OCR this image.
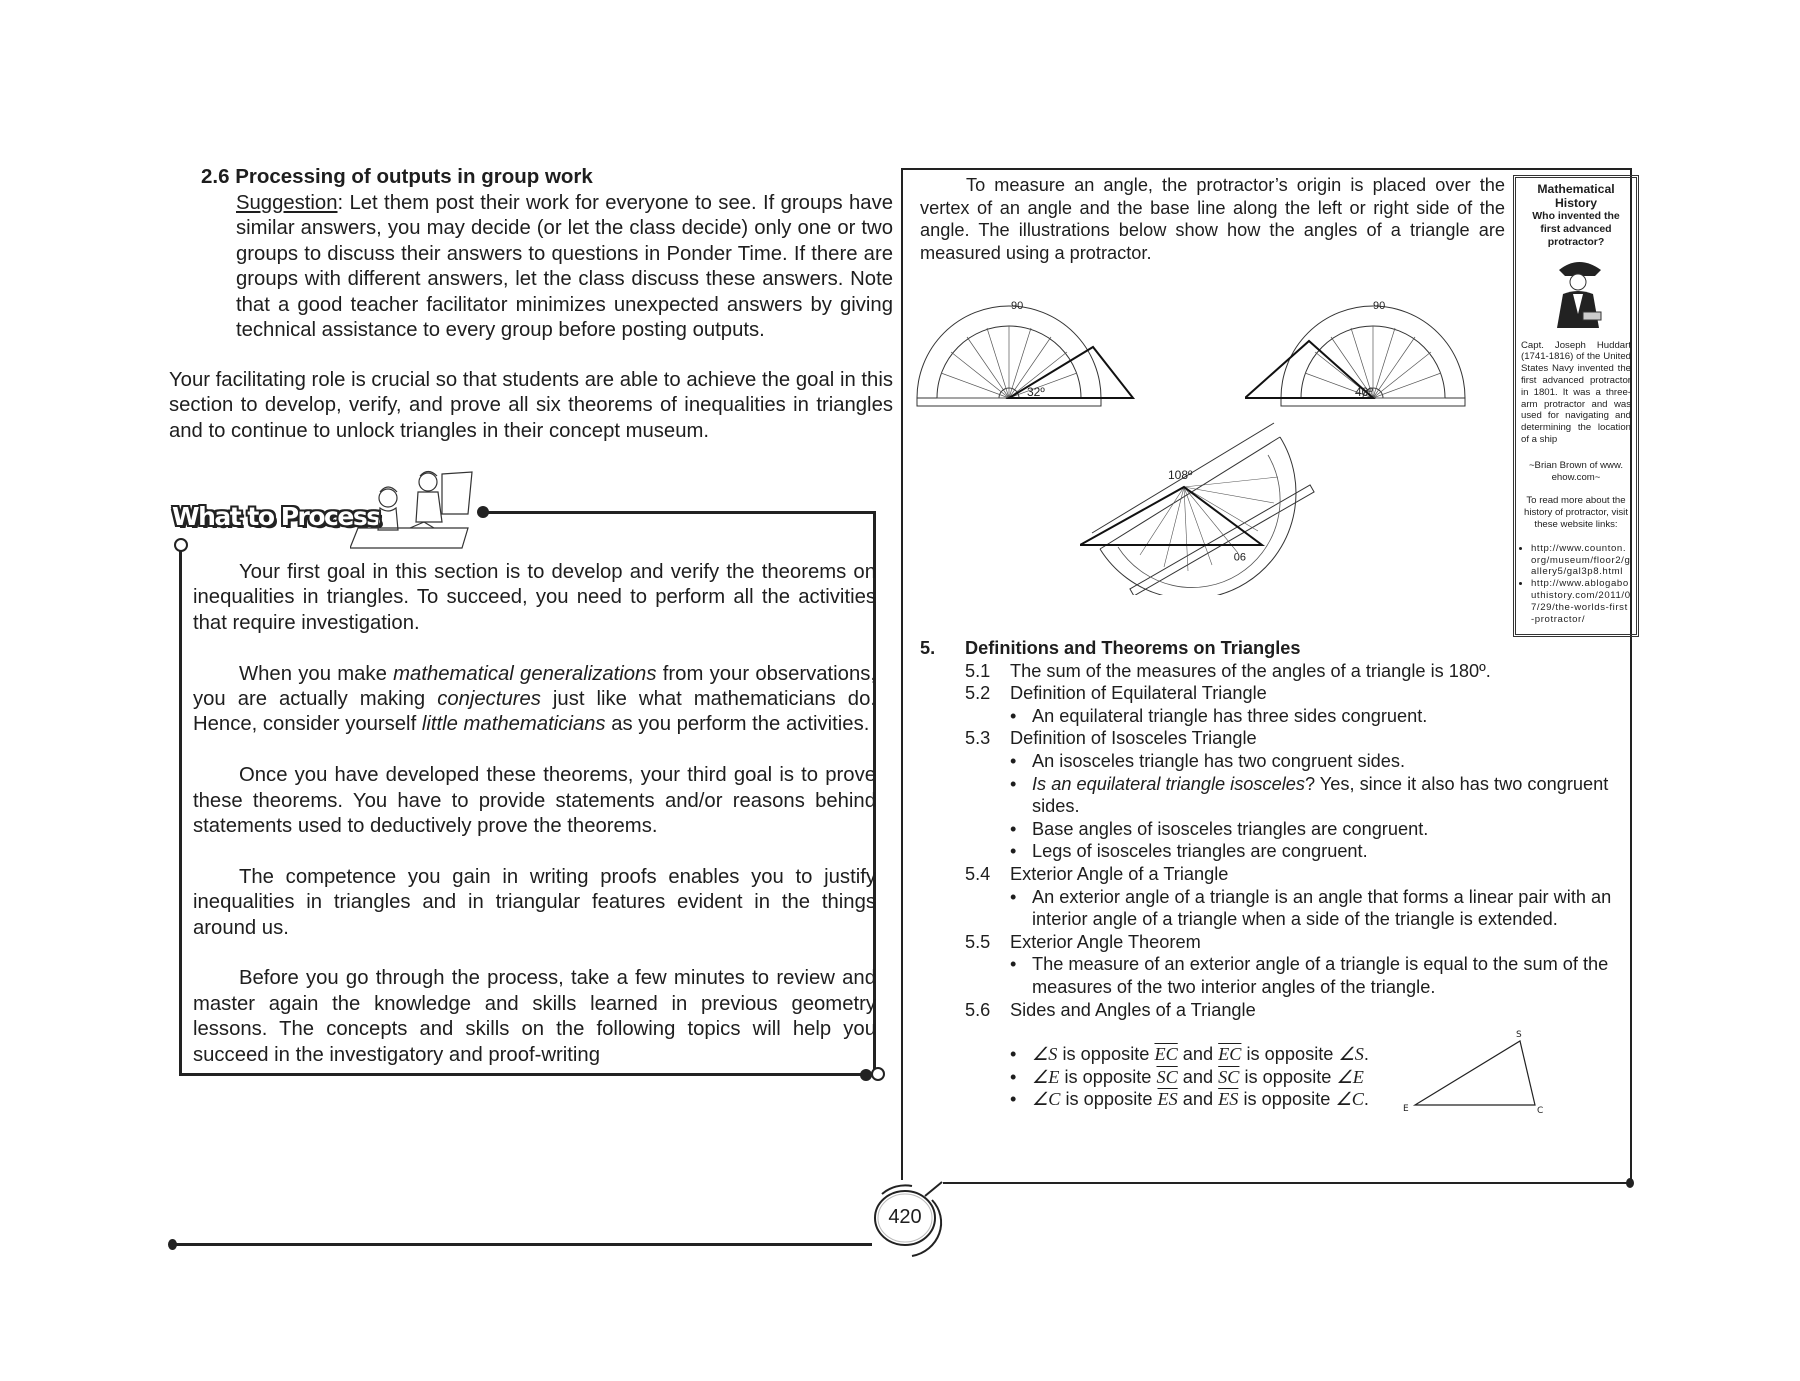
2.6 Processing of outputs in group work

Suggestion: Let them post their work for everyone to see. If groups have similar answers, you may decide (or let the class decide) only one or two groups to discuss their answers to questions in Ponder Time. If there are groups with different answers, let the class discuss these answers. Note that a good teacher facilitator minimizes unexpected answers by giving technical assistance to every group before posting outputs.

Your facilitating role is crucial so that students are able to achieve the goal in this section to develop, verify, and prove all six theorems of inequalities in triangles and to continue to unlock triangles in their concept museum.

What to Process

Your first goal in this section is to develop and verify the theorems on inequalities in triangles. To succeed, you need to perform all the activities that require investigation.

When you make mathematical generalizations from your observations, you are actually making conjectures just like what mathematicians do. Hence, consider yourself little mathematicians as you perform the activities.

Once you have developed these theorems, your third goal is to prove these theorems. You have to provide statements and/or reasons behind statements used to deductively prove the theorems.

The competence you gain in writing proofs enables you to justify inequalities in triangles and in triangular features evident in the things around us.

Before you go through the process, take a few minutes to review and master again the knowledge and skills learned in previous geometry lessons. The concepts and skills on the following topics will help you succeed in the investigatory and proof-writing

To measure an angle, the protractor’s origin is placed over the vertex of an angle and the base line along the left or right side of the angle. The illustrations below show how the angles of a triangle are measured using a protractor.

90
32º
90
40º
108º
90
Mathematical History
Who invented the first advanced protractor?
Capt. Joseph Huddart (1741-1816) of the United States Navy invented the first advanced protractor in 1801. It was a three-arm protractor and was used for navigating and determining the location of a ship
~Brian Brown of www. ehow.com~
To read more about the history of protractor, visit these website links:
• http://www.counton.org/museum/floor2/gallery5/gal3p8.html
• http://www.ablogabouthistory.com/2011/07/29/the-worlds-first-protractor/
5.	Definitions and Theorems on Triangles
5.1	The sum of the measures of the angles of a triangle is 180º.
5.2	Definition of Equilateral Triangle
• An equilateral triangle has three sides congruent.
5.3	Definition of Isosceles Triangle
• An isosceles triangle has two congruent sides.
• Is an equilateral triangle isosceles? Yes, since it also has two congruent sides.
• Base angles of isosceles triangles are congruent.
• Legs of isosceles triangles are congruent.
5.4	Exterior Angle of a Triangle
• An exterior angle of a triangle is an angle that forms a linear pair with an interior angle of a triangle when a side of the triangle is extended.
5.5	Exterior Angle Theorem
• The measure of an exterior angle of a triangle is equal to the sum of the measures of the two interior angles of the triangle.
5.6	Sides and Angles of a Triangle
• ∠S is opposite $\overline{EC}$ and $\overline{EC}$ is opposite ∠S.
• ∠E is opposite $\overline{SC}$ and $\overline{SC}$ is opposite ∠E
• ∠C is opposite $\overline{ES}$ and $\overline{ES}$ is opposite ∠C.
S
E	C
420
